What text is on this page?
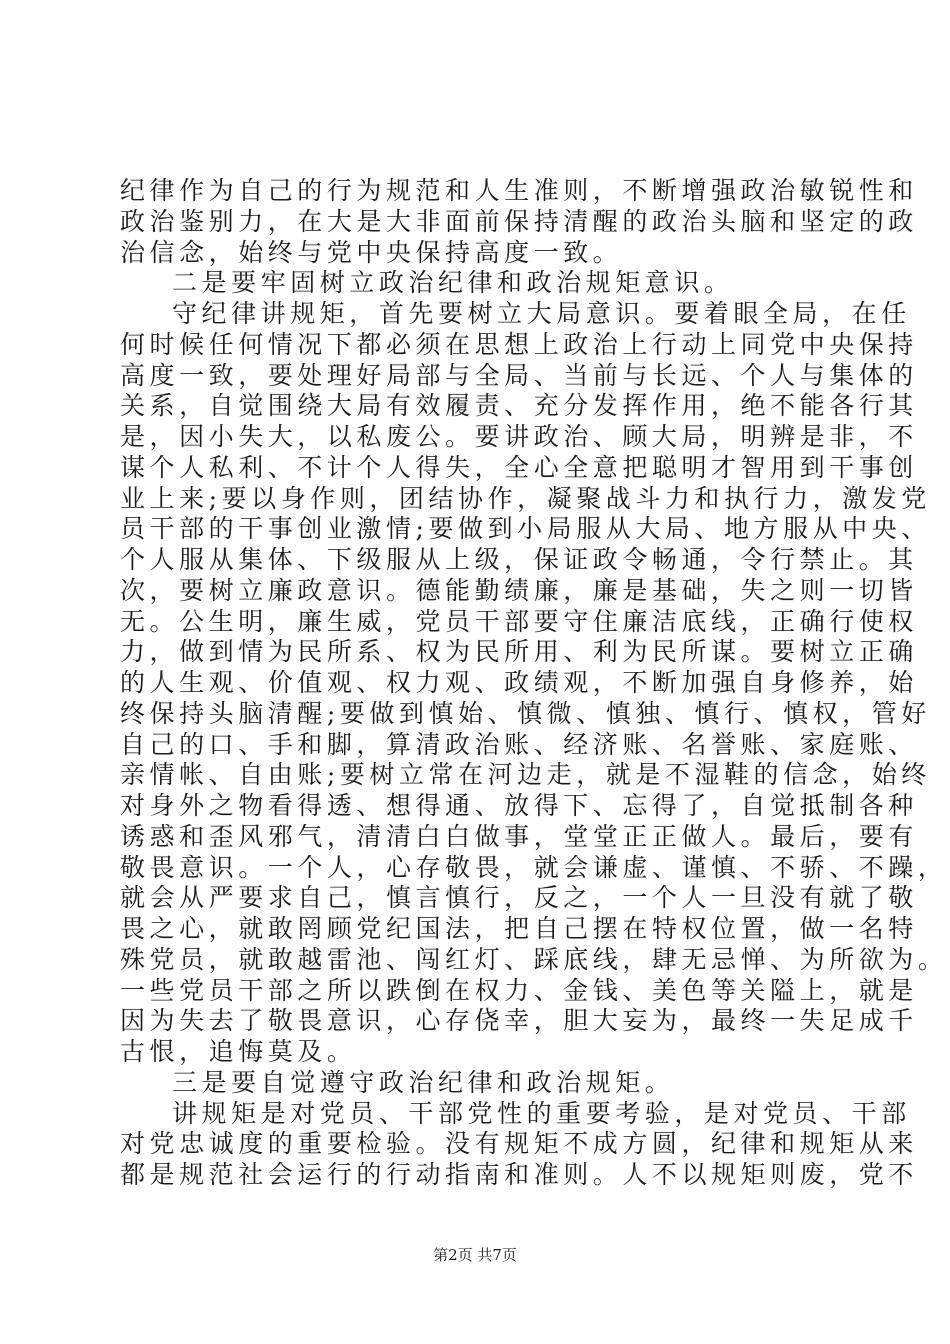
纪律作为自己的行为规范和人生准则，不断增强政治敏锐性和

政治鉴别力，在大是大非面前保持清醒的政治头脑和坚定的政

治信念，始终与党中央保持高度一致。

二是要牢固树立政治纪律和政治规矩意识。

守纪律讲规矩，首先要树立大局意识。要着眼全局，在任

何时候任何情况下都必须在思想上政治上行动上同党中央保持

高度一致，要处理好局部与全局、当前与长远、个人与集体的

关系，自觉围绕大局有效履责、充分发挥作用，绝不能各行其

是，因小失大，以私废公。要讲政治、顾大局，明辨是非，不

谋个人私利、不计个人得失，全心全意把聪明才智用到干事创

业上来;要以身作则，团结协作，凝聚战斗力和执行力，激发党

员干部的干事创业激情;要做到小局服从大局、地方服从中央、

个人服从集体、下级服从上级，保证政令畅通，令行禁止。其

次，要树立廉政意识。德能勤绩廉，廉是基础，失之则一切皆

无。公生明，廉生威，党员干部要守住廉洁底线，正确行使权

力，做到情为民所系、权为民所用、利为民所谋。要树立正确

的人生观、价值观、权力观、政绩观，不断加强自身修养，始

终保持头脑清醒;要做到慎始、慎微、慎独、慎行、慎权，管好

自己的口、手和脚，算清政治账、经济账、名誉账、家庭账、

亲情帐、自由账;要树立常在河边走，就是不湿鞋的信念，始终

对身外之物看得透、想得通、放得下、忘得了，自觉抵制各种

诱惑和歪风邪气，清清白白做事，堂堂正正做人。最后，要有

敬畏意识。一个人，心存敬畏，就会谦虚、谨慎、不骄、不躁，

就会从严要求自己，慎言慎行，反之，一个人一旦没有就了敬

畏之心，就敢罔顾党纪国法，把自己摆在特权位置，做一名特

殊党员，就敢越雷池、闯红灯、踩底线，肆无忌惮、为所欲为。

一些党员干部之所以跌倒在权力、金钱、美色等关隘上，就是

因为失去了敬畏意识，心存侥幸，胆大妄为，最终一失足成千

古恨，追悔莫及。

三是要自觉遵守政治纪律和政治规矩。

讲规矩是对党员、干部党性的重要考验，是对党员、干部

对党忠诚度的重要检验。没有规矩不成方圆，纪律和规矩从来

都是规范社会运行的行动指南和准则。人不以规矩则废，党不

第2页 共7页
